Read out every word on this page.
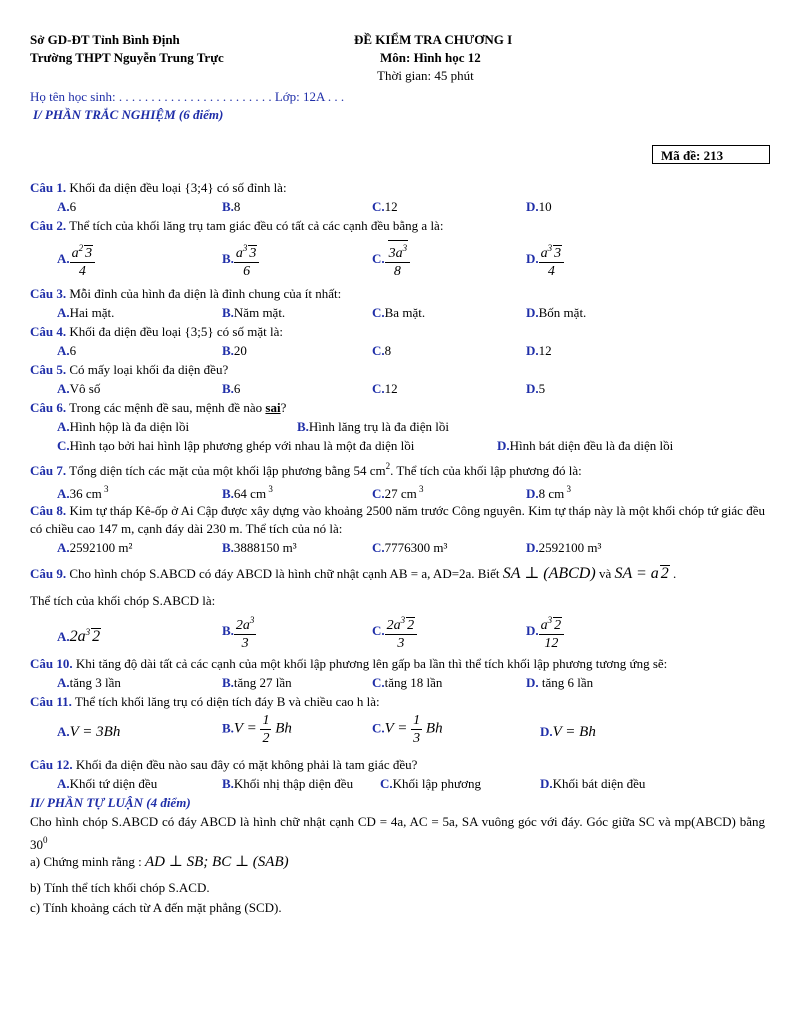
Sở GD-ĐT Tỉnh Bình Định
Trường THPT Nguyễn Trung Trực
ĐỀ KIỂM TRA CHƯƠNG I
Môn: Hình học 12
Thời gian: 45 phút
Họ tên học sinh: . . . . . . . . . . . . . . . . . . . . . . . . Lớp: 12A . . .
I/ PHẦN TRẮC NGHIỆM (6 điểm)
Mã đề: 213
Câu 1. Khối đa diện đều loại {3;4} có số đỉnh là:
A.6	B.8	C.12	D.10
Câu 2. Thể tích của khối lăng trụ tam giác đều có tất cả các cạnh đều bằng a là:
A. $\frac{a^2 3}{4}$	B. $\frac{a^3 3}{6}$	C. $\frac{3a^3}{8}$	D. $\frac{a^3 3}{4}$
Câu 3. Mỗi đỉnh của hình đa diện là đỉnh chung của ít nhất:
A.Hai mặt.	B.Năm mặt.	C.Ba mặt.	D.Bốn mặt.
Câu 4. Khối đa diện đều loại {3;5} có số mặt là:
A.6	B.20	C.8	D.12
Câu 5. Có mấy loại khối đa diện đều?
A.Vô số	B.6	C.12	D.5
Câu 6. Trong các mệnh đề sau, mệnh đề nào sai?
A.Hình hộp là đa diện lồi	B.Hình lăng trụ là đa điện lồi
C.Hình tạo bởi hai hình lập phương ghép với nhau là một đa diện lồi	D.Hình bát diện đều là đa diện lồi
Câu 7. Tổng diện tích các mặt của một khối lập phương bằng 54 $cm^2$. Thể tích của khối lập phương đó là:
A.36 cm $^3$	B.64 cm $^3$	C.27 cm $^3$	D.8 cm $^3$
Câu 8. Kim tự tháp Kê-ốp ở Ai Cập được xây dựng vào khoảng 2500 năm trước Công nguyên. Kim tự tháp này là một khối chóp tứ giác đều có chiều cao 147 m, cạnh đáy dài 230 m. Thể tích của nó là:
A.2592100 m²	B.3888150 m³	C.7776300 m³	D.2592100 m³
Câu 9. Cho hình chóp S.ABCD có đáy ABCD là hình chữ nhật cạnh AB = a, AD=2a. Biết SA ⊥ (ABCD) và SA = a 2 .
Thể tích của khối chóp S.ABCD là:
$A.2a^3$ 2	B. $\frac{2a^3}{3}$	C. $\frac{2a^3 2}{3}$	D. $\frac{a^3 2}{12}$
Câu 10. Khi tăng độ dài tất cả các cạnh của một khối lập phương lên gấp ba lần thì thể tích khối lập phương tương ứng sẽ:
A.tăng 3 lần	B.tăng 27 lần	C.tăng 18 lần	D. tăng 6 lần
Câu 11. Thể tích khối lăng trụ có diện tích đáy B và chiều cao h là:
A.V = 3Bh	$B.V = \frac{1}{2}$ Bh	$C.V = \frac{1}{3}$ Bh	D.V = Bh
Câu 12. Khối đa diện đều nào sau đây có mặt không phải là tam giác đều?
A.Khối tứ diện đều	B.Khối nhị thập diện đều C.Khối lập phương	D.Khối bát diện đều
II/ PHẦN TỰ LUẬN (4 điểm)
Cho hình chóp S.ABCD có đáy ABCD là hình chữ nhật cạnh CD = 4a, AC = 5a, SA vuông góc với đáy. Góc giữa SC và mp(ABCD) bằng $30^0$
a) Chứng minh rằng : AD ⊥ SB; BC ⊥ (SAB)
b) Tính thể tích khối chóp S.ACD.
c) Tính khoảng cách từ A đến mặt phẳng (SCD).
